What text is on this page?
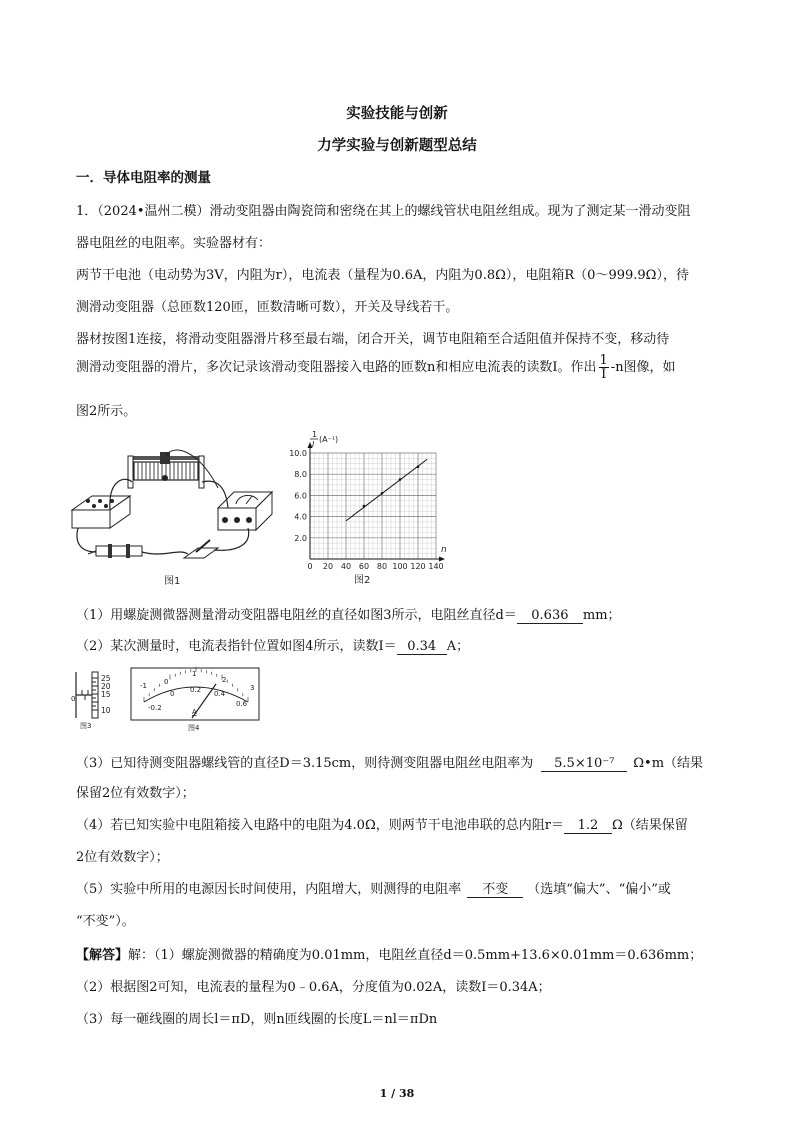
实验技能与创新
力学实验与创新题型总结
一．导体电阻率的测量
1．（2024•温州二模）滑动变阻器由陶瓷筒和密绕在其上的螺线管状电阻丝组成。现为了测定某一滑动变阻
器电阻丝的电阻率。实验器材有：
两节干电池（电动势为3V，内阻为r），电流表（量程为0.6A，内阻为0.8Ω），电阻箱R（0～999.9Ω），待
测滑动变阻器（总匝数120匝，匝数清晰可数），开关及导线若干。
器材按图1连接，将滑动变阻器滑片移至最右端，闭合开关，调节电阻箱至合适阻值并保持不变，移动待
测滑动变阻器的滑片，多次记录该滑动变阻器接入电路的匝数n和相应电流表的读数I。作出 $\frac{1}{I} -n$图像，如
图2所示。
图1
0 20 40 60 80 100 120 140
2.0
4.0
6.0
8.0
10.0
1
I
(A⁻¹)
n
图2
（1）用螺旋测微器测量滑动变阻器电阻丝的直径如图3所示，电阻丝直径d＝ 0.636 mm；
（2）某次测量时，电流表指针位置如图4所示，读数I＝ 0.34 A；
0
25
20
15
10
图3
-1 0
1
2
3
-0.2
0 0.2 0.4
0.6
A
图4
（3）已知待测变阻器螺线管的直径D＝3.15cm，则待测变阻器电阻丝电阻率为 5.5×10⁻⁷ Ω•m（结果
保留2位有效数字）；
（4）若已知实验中电阻箱接入电路中的电阻为4.0Ω，则两节干电池串联的总内阻r＝ 1.2 Ω（结果保留
2位有效数字）；
（5）实验中所用的电源因长时间使用，内阻增大，则测得的电阻率 不变 （选填“偏大”、“偏小”或
“不变”）。
【解答】解：（1）螺旋测微器的精确度为0.01mm，电阻丝直径d＝0.5mm+13.6×0.01mm＝0.636mm；
（2）根据图2可知，电流表的量程为0﹣0.6A，分度值为0.02A，读数I＝0.34A；
（3）每一砸线圈的周长l＝πD，则n匝线圈的长度L＝nl＝πDn
1 / 38
